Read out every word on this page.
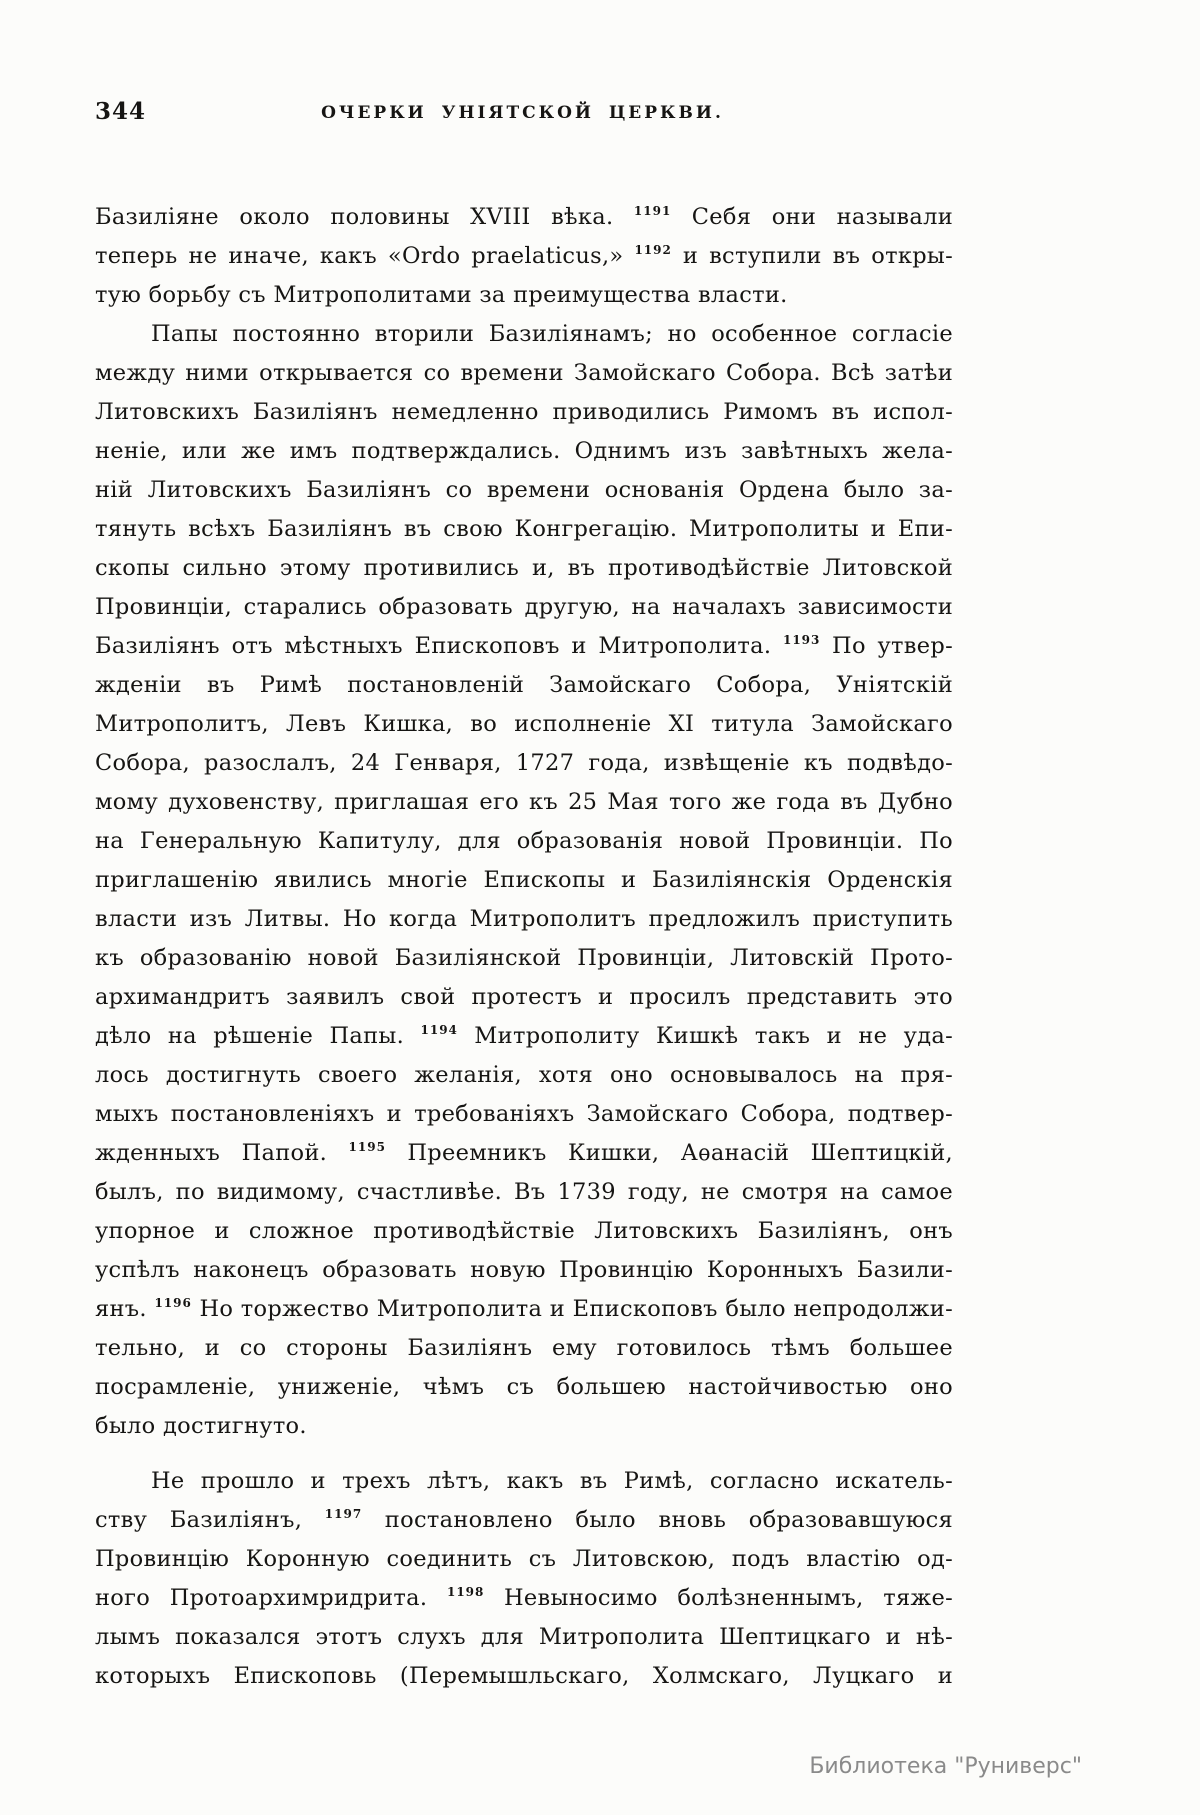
344	ОЧЕРКИ УНІЯТСКОЙ ЦЕРКВИ.
Базиліяне около половины XVIII вѣка. $^{1191}$ Себя они называли
теперь не иначе, какъ «Ordo praelaticus,» $^{1192}$ и вступили въ откры-
тую борьбу съ Митрополитами за преимущества власти.
Папы постоянно вторили Базиліянамъ; но особенное согласіе
между ними открывается со времени Замойскаго Собора. Всѣ затѣи
Литовскихъ Базиліянъ немедленно приводились Римомъ въ испол-
неніе, или же имъ подтверждались. Однимъ изъ завѣтныхъ жела-
ній Литовскихъ Базиліянъ со времени основанія Ордена было за-
тянуть всѣхъ Базиліянъ въ свою Конгрегацію. Митрополиты и Епи-
скопы сильно этому противились и, въ противодѣйствіе Литовской
Провинціи, старались образовать другую, на началахъ зависимости
Базиліянъ отъ мѣстныхъ Епископовъ и Митрополита. $^{1193}$ По утвер-
жденіи въ Римѣ постановленій Замойскаго Собора, Уніятскій
Митрополитъ, Левъ Кишка, во исполненіе XI титула Замойскаго
Собора, разослалъ, 24 Генваря, 1727 года, извѣщеніе къ подвѣдо-
мому духовенству, приглашая его къ 25 Мая того же года въ Дубно
на Генеральную Капитулу, для образованія новой Провинціи. По
приглашенію явились многіе Епископы и Базиліянскія Орденскія
власти изъ Литвы. Но когда Митрополитъ предложилъ приступить
къ образованію новой Базиліянской Провинціи, Литовскій Прото-
архимандритъ заявилъ свой протестъ и просилъ представить это
дѣло на рѣшеніе Папы. $^{1194}$ Митрополиту Кишкѣ такъ и не уда-
лось достигнуть своего желанія, хотя оно основывалось на пря-
мыхъ постановленіяхъ и требованіяхъ Замойскаго Собора, подтвер-
жденныхъ Папой. $^{1195}$ Преемникъ Кишки, Аѳанасій Шептицкій,
былъ, по видимому, счастливѣе. Въ 1739 году, не смотря на самое
упорное и сложное противодѣйствіе Литовскихъ Базиліянъ, онъ
успѣлъ наконецъ образовать новую Провинцію Коронныхъ Базили-
янъ. $^{1196}$ Но торжество Митрополита и Епископовъ было непродолжи-
тельно, и со стороны Базиліянъ ему готовилось тѣмъ большее
посрамленіе, униженіе, чѣмъ съ большею настойчивостью оно
было достигнуто.
Не прошло и трехъ лѣтъ, какъ въ Римѣ, согласно искатель-
ству Базиліянъ, $^{1197}$ постановлено было вновь образовавшуюся
Провинцію Коронную соединить съ Литовскою, подъ властію од-
ного Протоархимридрита. $^{1198}$ Невыносимо болѣзненнымъ, тяже-
лымъ показался этотъ слухъ для Митрополита Шептицкаго и нѣ-
которыхъ Епископовь (Перемышльскаго, Холмскаго, Луцкаго и
Библиотека "Руниверс"
